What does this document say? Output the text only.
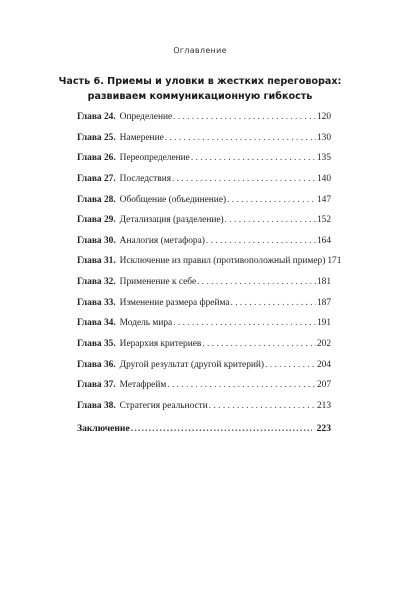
Оглавление
Часть 6. Приемы и уловки в жестких переговорах:
развиваем коммуникационную гибкость
Глава 24. Определение . . .	120
Глава 25. Намерение . . .	130
Глава 26. Переопределение . . .	135
Глава 27. Последствия . . .	140
Глава 28. Обобщение (объединение) . . .	147
Глава 29. Детализация (разделение) . . .	152
Глава 30. Аналогия (метафора) . . .	164
Глава 31. Исключение из правил (противоположный пример) 171
Глава 32. Применение к себе . . .	181
Глава 33. Изменение размера фрейма . . .	187
Глава 34. Модель мира . . .	191
Глава 35. Иерархия критериев . . .	202
Глава 36. Другой результат (другой критерий) . . .	204
Глава 37. Метафрейм . . .	207
Глава 38. Стратегия реальности . . .	213
Заключение .....	223
